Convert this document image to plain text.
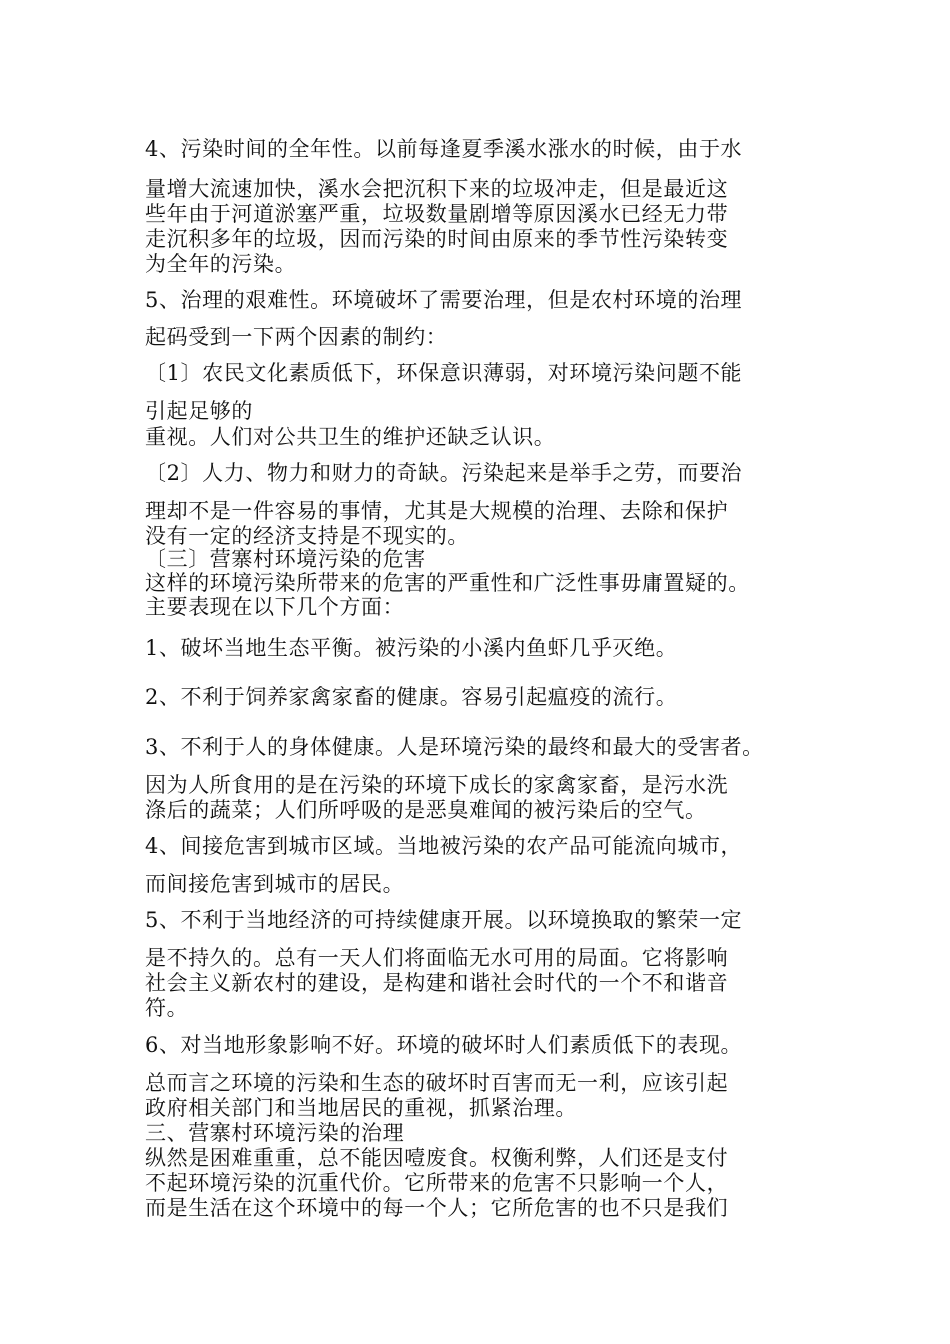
4、污染时间的全年性。以前每逢夏季溪水涨水的时候，由于水
量增大流速加快，溪水会把沉积下来的垃圾冲走，但是最近这
些年由于河道淤塞严重，垃圾数量剧增等原因溪水已经无力带
走沉积多年的垃圾，因而污染的时间由原来的季节性污染转变
为全年的污染。
5、治理的艰难性。环境破坏了需要治理，但是农村环境的治理
起码受到一下两个因素的制约：
〔1〕农民文化素质低下，环保意识薄弱，对环境污染问题不能
引起足够的
重视。人们对公共卫生的维护还缺乏认识。
〔2〕人力、物力和财力的奇缺。污染起来是举手之劳，而要治
理却不是一件容易的事情，尤其是大规模的治理、去除和保护
没有一定的经济支持是不现实的。
〔三〕营寨村环境污染的危害
这样的环境污染所带来的危害的严重性和广泛性事毋庸置疑的。
主要表现在以下几个方面：
1、破坏当地生态平衡。被污染的小溪内鱼虾几乎灭绝。
2、不利于饲养家禽家畜的健康。容易引起瘟疫的流行。
3、不利于人的身体健康。人是环境污染的最终和最大的受害者。
因为人所食用的是在污染的环境下成长的家禽家畜，是污水洗
涤后的蔬菜；人们所呼吸的是恶臭难闻的被污染后的空气。
4、间接危害到城市区域。当地被污染的农产品可能流向城市，
而间接危害到城市的居民。
5、不利于当地经济的可持续健康开展。以环境换取的繁荣一定
是不持久的。总有一天人们将面临无水可用的局面。它将影响
社会主义新农村的建设，是构建和谐社会时代的一个不和谐音
符。
6、对当地形象影响不好。环境的破坏时人们素质低下的表现。
总而言之环境的污染和生态的破坏时百害而无一利，应该引起
政府相关部门和当地居民的重视，抓紧治理。
三、营寨村环境污染的治理
纵然是困难重重，总不能因噎废食。权衡利弊，人们还是支付
不起环境污染的沉重代价。它所带来的危害不只影响一个人，
而是生活在这个环境中的每一个人；它所危害的也不只是我们
